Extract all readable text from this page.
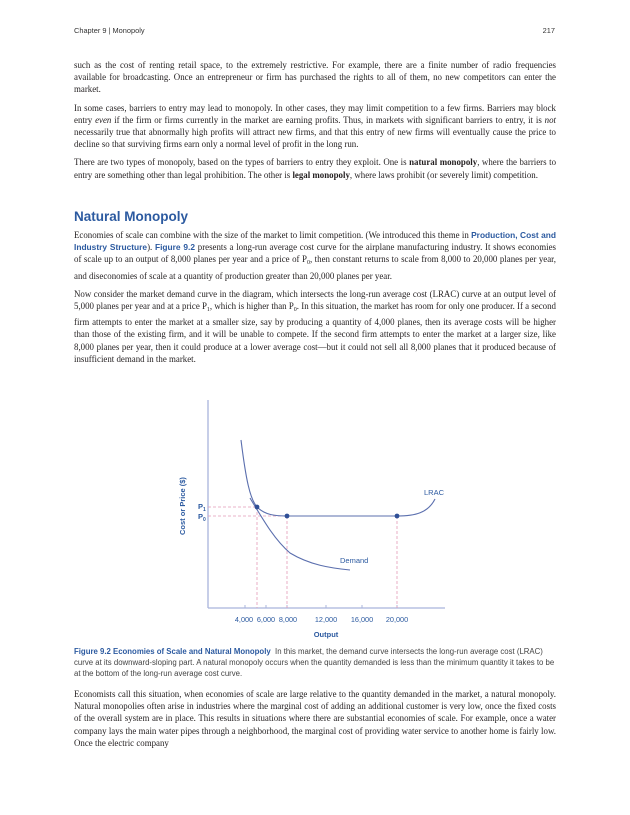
Chapter 9 | Monopoly	217

such as the cost of renting retail space, to the extremely restrictive. For example, there are a finite number of radio frequencies available for broadcasting. Once an entrepreneur or firm has purchased the rights to all of them, no new competitors can enter the market.

In some cases, barriers to entry may lead to monopoly. In other cases, they may limit competition to a few firms. Barriers may block entry even if the firm or firms currently in the market are earning profits. Thus, in markets with significant barriers to entry, it is not necessarily true that abnormally high profits will attract new firms, and that this entry of new firms will eventually cause the price to decline so that surviving firms earn only a normal level of profit in the long run.

There are two types of monopoly, based on the types of barriers to entry they exploit. One is natural monopoly, where the barriers to entry are something other than legal prohibition. The other is legal monopoly, where laws prohibit (or severely limit) competition.

Natural Monopoly

Economies of scale can combine with the size of the market to limit competition. (We introduced this theme in Production, Cost and Industry Structure). Figure 9.2 presents a long-run average cost curve for the airplane manufacturing industry. It shows economies of scale up to an output of 8,000 planes per year and a price of $P_0$, then constant returns to scale from 8,000 to 20,000 planes per year, and diseconomies of scale at a quantity of production greater than 20,000 planes per year.

Now consider the market demand curve in the diagram, which intersects the long-run average cost (LRAC) curve at an output level of 5,000 planes per year and at a price $P_1$, which is higher than $P_0$. In this situation, the market has room for only one producer. If a second firm attempts to enter the market at a smaller size, say by producing a quantity of 4,000 planes, then its average costs will be higher than those of the existing firm, and it will be unable to compete. If the second firm attempts to enter the market at a larger size, like 8,000 planes per year, then it could produce at a lower average cost—but it could not sell all 8,000 planes that it produced because of insufficient demand in the market.

$P_1$
$P_0$
LRAC
Demand
Cost or Price ($)
4,000 6,000 8,000 12,000 16,000 20,000
Output
Figure 9.2 Economies of Scale and Natural Monopoly In this market, the demand curve intersects the long-run average cost (LRAC) curve at its downward-sloping part. A natural monopoly occurs when the quantity demanded is less than the minimum quantity it takes to be at the bottom of the long-run average cost curve.

Economists call this situation, when economies of scale are large relative to the quantity demanded in the market, a natural monopoly. Natural monopolies often arise in industries where the marginal cost of adding an additional customer is very low, once the fixed costs of the overall system are in place. This results in situations where there are substantial economies of scale. For example, once a water company lays the main water pipes through a neighborhood, the marginal cost of providing water service to another home is fairly low. Once the electric company
